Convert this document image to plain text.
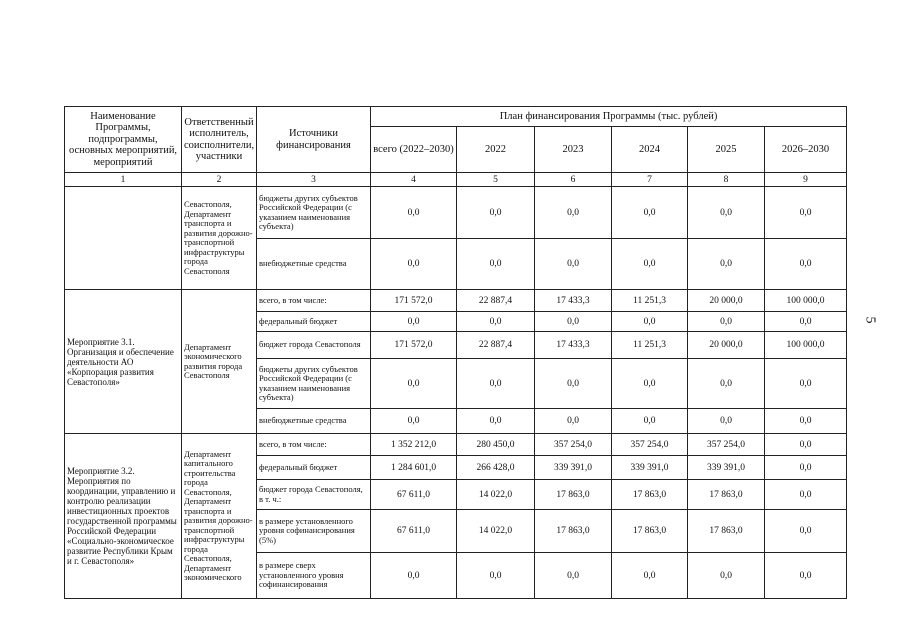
Наименование Программы, подпрограммы, основных мероприятий, мероприятий	Ответственный исполнитель, соисполнители, участники	Источники финансирования	План финансирования Программы (тыс. рублей)					
			всего (2022–2030)	2022	2023	2024	2025	2026–2030
1	2	3	4	5	6	7	8	9
	Севастополя, Департамент транспорта и развития дорожно-транспортной инфраструктуры города Севастополя	бюджеты других субъектов Российской Федерации (с указанием наименования субъекта)	0,0	0,0	0,0	0,0	0,0	0,0
		внебюджетные средства	0,0	0,0	0,0	0,0	0,0	0,0
Мероприятие 3.1. Организация и обеспечение деятельности АО «Корпорация развития Севастополя»	Департамент экономического развития города Севастополя	всего, в том числе:	171 572,0	22 887,4	17 433,3	11 251,3	20 000,0	100 000,0
		федеральный бюджет	0,0	0,0	0,0	0,0	0,0	0,0
		бюджет города Севастополя	171 572,0	22 887,4	17 433,3	11 251,3	20 000,0	100 000,0
		бюджеты других субъектов Российской Федерации (с указанием наименования субъекта)	0,0	0,0	0,0	0,0	0,0	0,0
		внебюджетные средства	0,0	0,0	0,0	0,0	0,0	0,0
Мероприятие 3.2. Мероприятия по координации, управлению и контролю реализации инвестиционных проектов государственной программы Российской Федерации «Социально-экономическое развитие Республики Крым и г. Севастополя»	Департамент капитального строительства города Севастополя, Департамент транспорта и развития дорожно-транспортной инфраструктуры города Севастополя, Департамент экономического	всего, в том числе:	1 352 212,0	280 450,0	357 254,0	357 254,0	357 254,0	0,0
		федеральный бюджет	1 284 601,0	266 428,0	339 391,0	339 391,0	339 391,0	0,0
		бюджет города Севастополя, в т. ч.:	67 611,0	14 022,0	17 863,0	17 863,0	17 863,0	0,0
		в размере установленного уровня софинансирования (5%)	67 611,0	14 022,0	17 863,0	17 863,0	17 863,0	0,0
		в размере сверх установленного уровня софинансирования	0,0	0,0	0,0	0,0	0,0	0,0
5
